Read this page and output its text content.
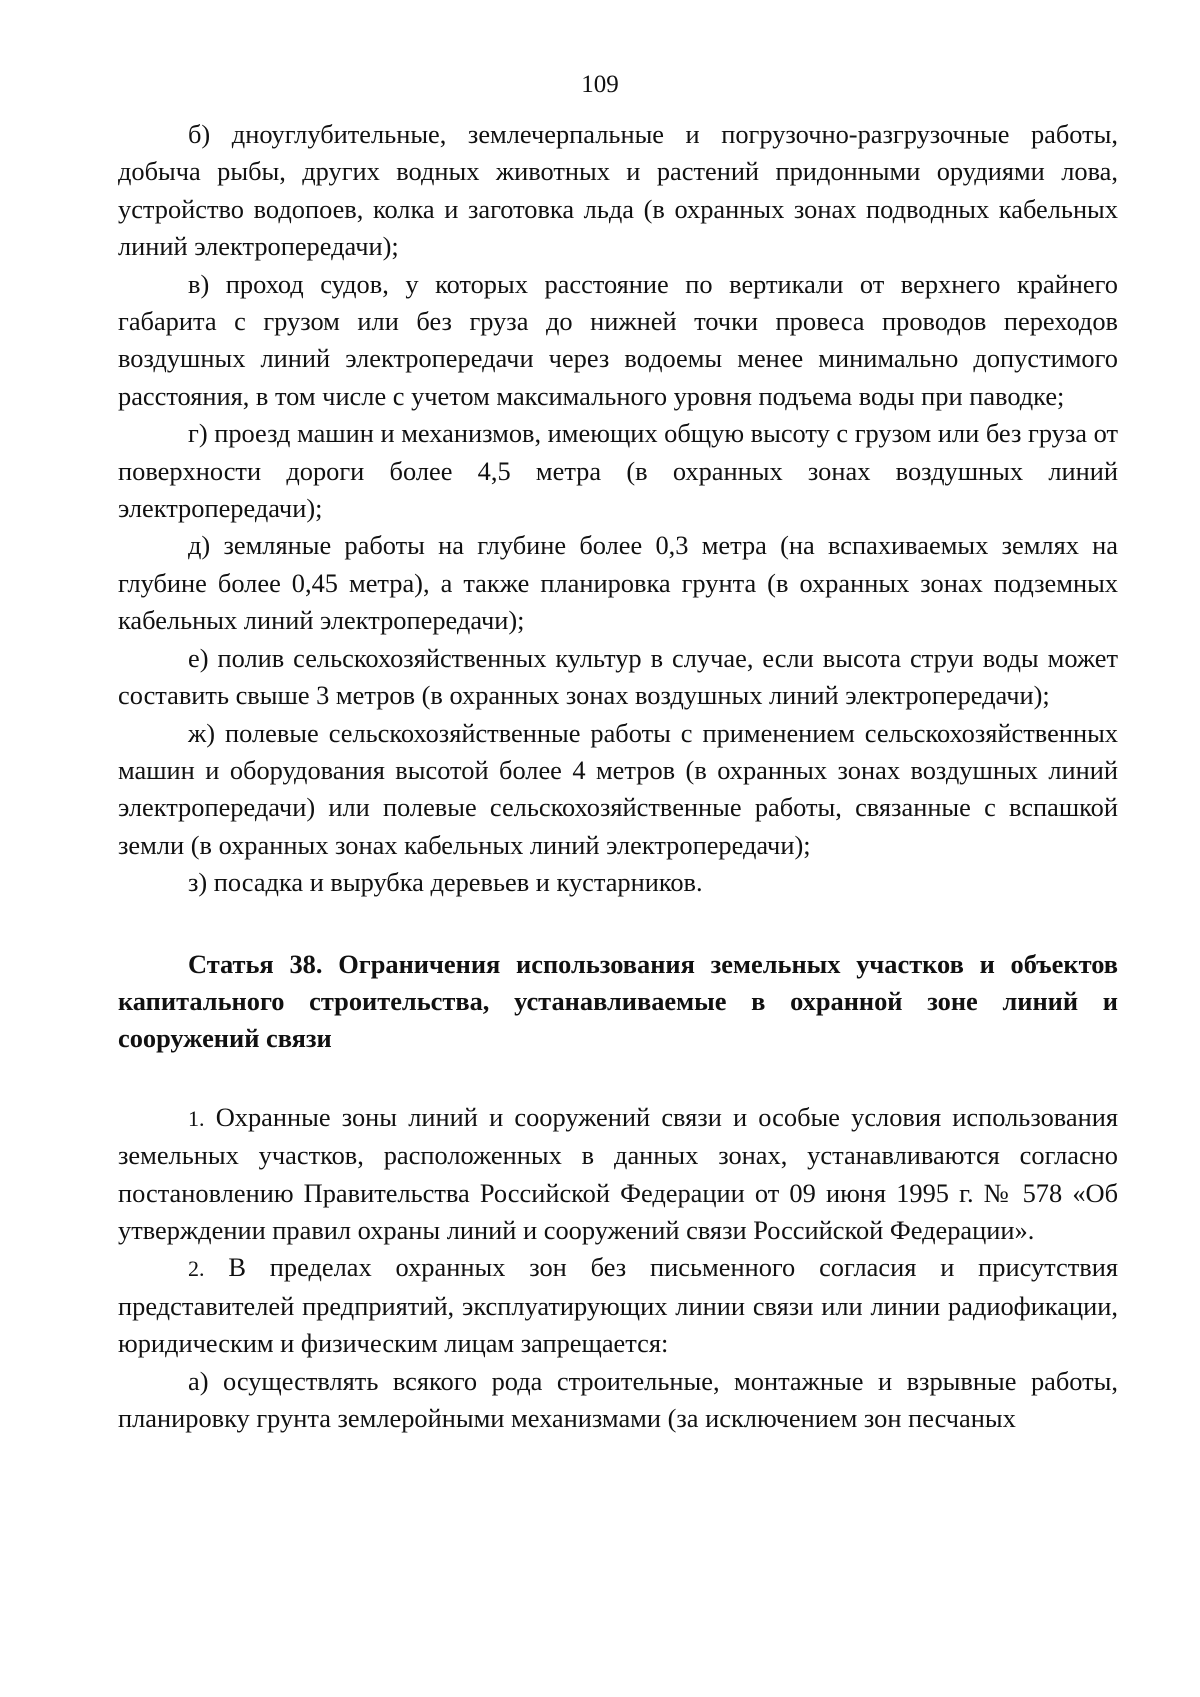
109

б) дноуглубительные, землечерпальные и погрузочно-разгрузочные работы, добыча рыбы, других водных животных и растений придонными орудиями лова, устройство водопоев, колка и заготовка льда (в охранных зонах подводных кабельных линий электропередачи);

в) проход судов, у которых расстояние по вертикали от верхнего крайнего габарита с грузом или без груза до нижней точки провеса проводов переходов воздушных линий электропередачи через водоемы менее минимально допустимого расстояния, в том числе с учетом максимального уровня подъема воды при паводке;

г) проезд машин и механизмов, имеющих общую высоту с грузом или без груза от поверхности дороги более 4,5 метра (в охранных зонах воздушных линий электропередачи);

д) земляные работы на глубине более 0,3 метра (на вспахиваемых землях на глубине более 0,45 метра), а также планировка грунта (в охранных зонах подземных кабельных линий электропередачи);

е) полив сельскохозяйственных культур в случае, если высота струи воды может составить свыше 3 метров (в охранных зонах воздушных линий электропередачи);

ж) полевые сельскохозяйственные работы с применением сельскохозяйственных машин и оборудования высотой более 4 метров (в охранных зонах воздушных линий электропередачи) или полевые сельскохозяйственные работы, связанные с вспашкой земли (в охранных зонах кабельных линий электропередачи);

з) посадка и вырубка деревьев и кустарников.

Статья 38. Ограничения использования земельных участков и объектов капитального строительства, устанавливаемые в охранной зоне линий и сооружений связи

1. Охранные зоны линий и сооружений связи и особые условия использования земельных участков, расположенных в данных зонах, устанавливаются согласно постановлению Правительства Российской Федерации от 09 июня 1995 г. № 578 «Об утверждении правил охраны линий и сооружений связи Российской Федерации».

2. В пределах охранных зон без письменного согласия и присутствия представителей предприятий, эксплуатирующих линии связи или линии радиофикации, юридическим и физическим лицам запрещается:

а) осуществлять всякого рода строительные, монтажные и взрывные работы, планировку грунта землеройными механизмами (за исключением зон песчаных
